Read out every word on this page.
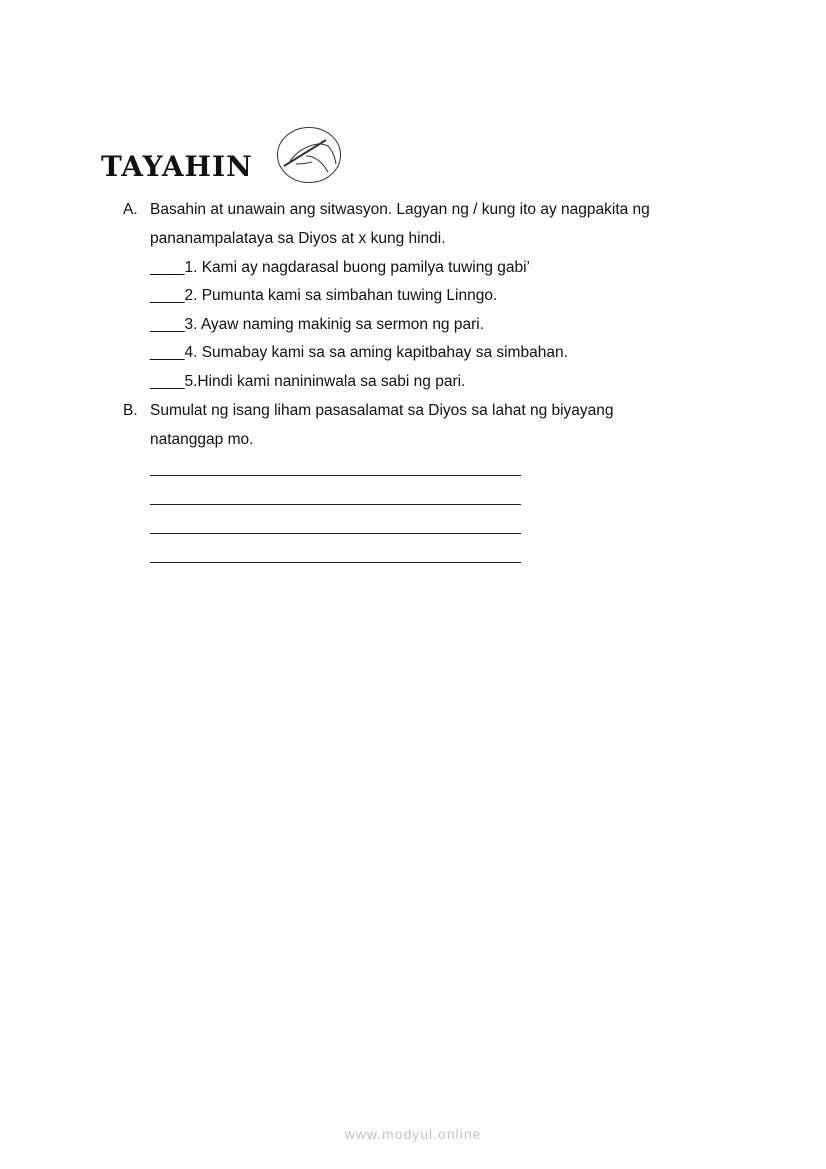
TAYAHIN
A. Basahin at unawain ang sitwasyon. Lagyan ng / kung ito ay nagpakita ng
pananampalataya sa Diyos at x kung hindi.
____1. Kami ay nagdarasal buong pamilya tuwing gabi’
____2. Pumunta kami sa simbahan tuwing Linngo.
____3. Ayaw naming makinig sa sermon ng pari.
____4. Sumabay kami sa sa aming kapitbahay sa simbahan.
____5.Hindi kami nanininwala sa sabi ng pari.
B. Sumulat ng isang liham pasasalamat sa Diyos sa lahat ng biyayang
natanggap mo.
www.modyul.online
